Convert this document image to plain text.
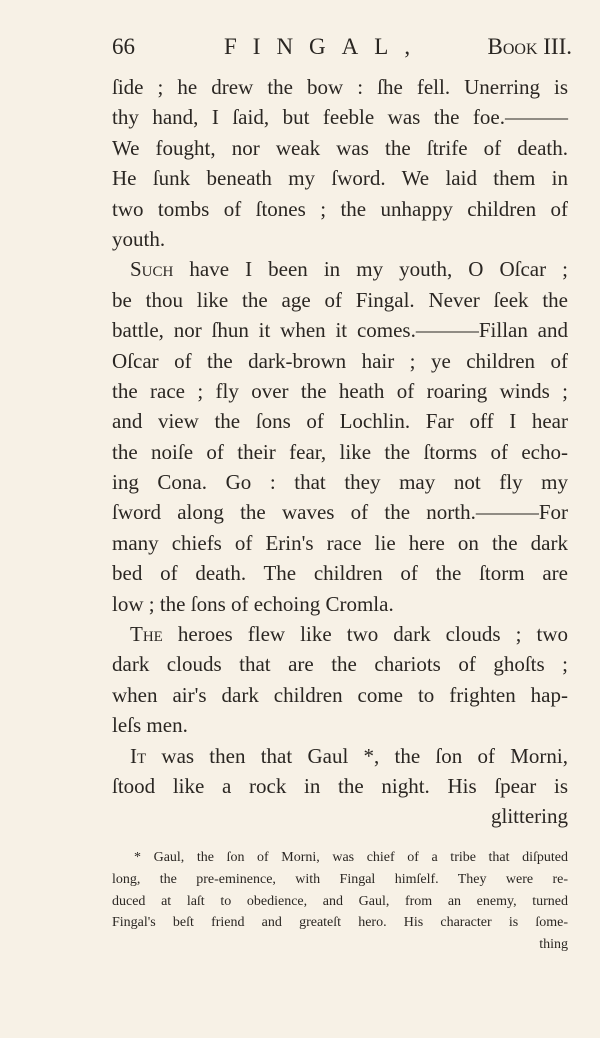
66	FINGAL,	Book III.
ſide ; he drew the bow : ſhe fell. Unerring is
thy hand, I ſaid, but feeble was the foe.———
We fought, nor weak was the ſtrife of death.
He ſunk beneath my ſword. We laid them in
two tombs of ſtones ; the unhappy children of
youth.
Such have I been in my youth, O Oſcar ;
be thou like the age of Fingal. Never ſeek the
battle, nor ſhun it when it comes.———Fillan and
Oſcar of the dark-brown hair ; ye children of
the race ; fly over the heath of roaring winds ;
and view the ſons of Lochlin. Far off I hear
the noiſe of their fear, like the ſtorms of echo-
ing Cona. Go : that they may not fly my
ſword along the waves of the north.———For
many chiefs of Erin's race lie here on the dark
bed of death. The children of the ſtorm are
low ; the ſons of echoing Cromla.
The heroes flew like two dark clouds ; two
dark clouds that are the chariots of ghoſts ;
when air's dark children come to frighten hap-
leſs men.
It was then that Gaul *, the ſon of Morni,
ſtood like a rock in the night. His ſpear is
glittering
* Gaul, the ſon of Morni, was chief of a tribe that diſputed
long, the pre-eminence, with Fingal himſelf. They were re-
duced at laſt to obedience, and Gaul, from an enemy, turned
Fingal's beſt friend and greateſt hero. His character is ſome-
thing
